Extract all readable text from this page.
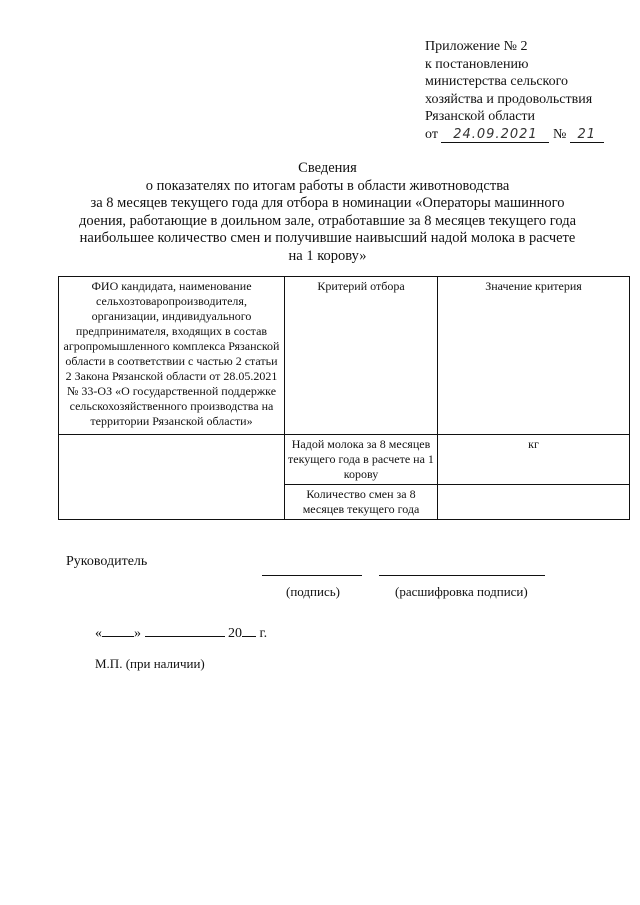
Приложение № 2
к постановлению
министерства сельского
хозяйства и продовольствия
Рязанской области
от 24.09.2021 № 21
Сведения
о показателях по итогам работы в области животноводства
за 8 месяцев текущего года для отбора в номинации «Операторы машинного
доения, работающие в доильном зале, отработавшие за 8 месяцев текущего года
наибольшее количество смен и получившие наивысший надой молока в расчете
на 1 корову»
ФИО кандидата, наименование сельхозтоваропроизводителя, организации, индивидуального предпринимателя, входящих в состав агропромышленного комплекса Рязанской области в соответствии с частью 2 статьи 2 Закона Рязанской области от 28.05.2021 № 33-ОЗ «О государственной поддержке сельскохозяйственного производства на территории Рязанской области»	Критерий отбора	Значение критерия
	Надой молока за 8 месяцев текущего года в расчете на 1 корову	кг
	Количество смен за 8 месяцев текущего года	
Руководитель
(подпись)	(расшифровка подписи)
« »	20 г.
М.П. (при наличии)
